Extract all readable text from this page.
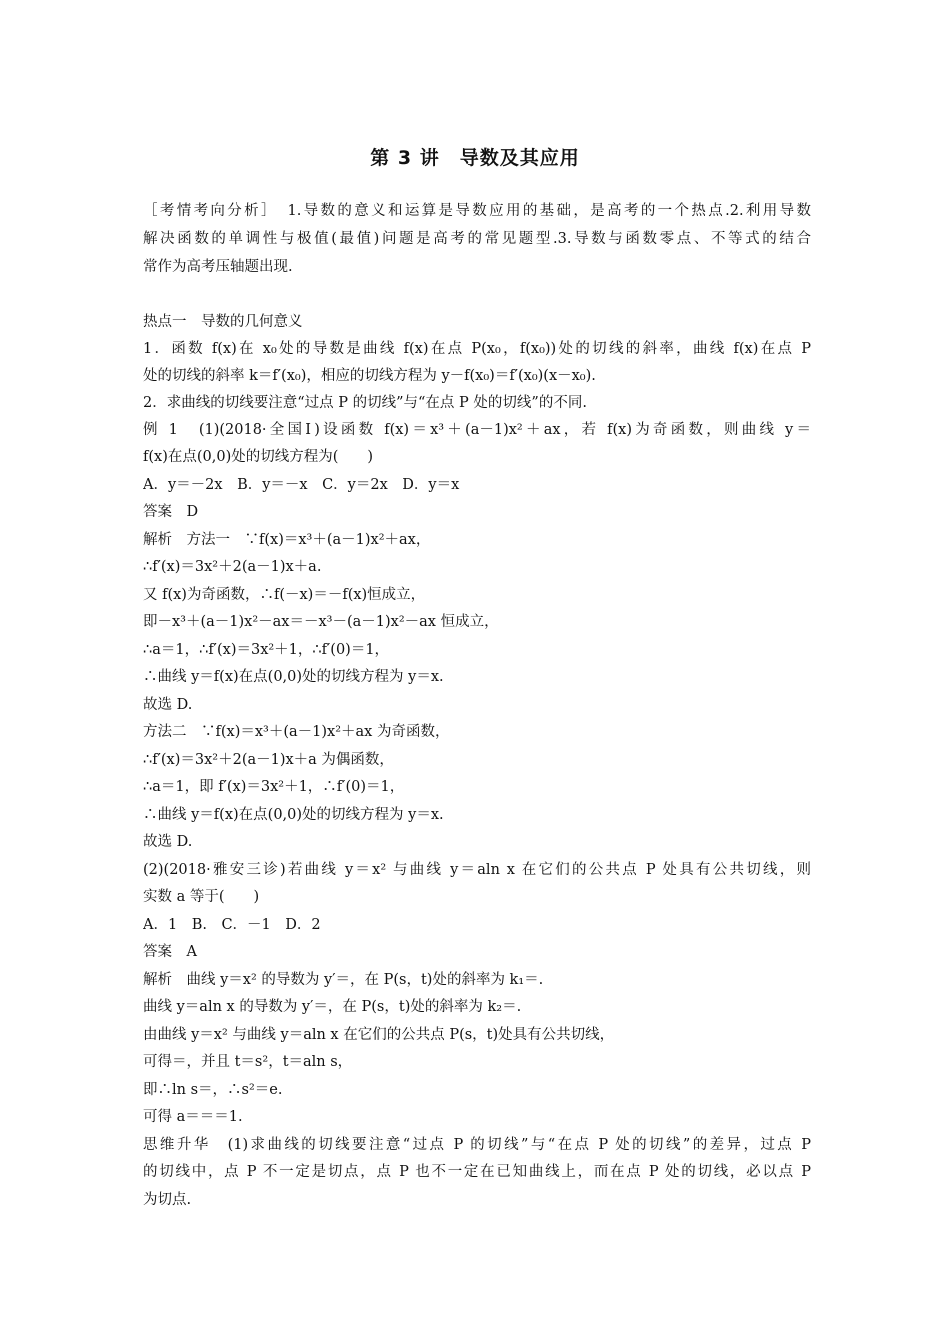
第 3 讲　导数及其应用
［考情考向分析］　1.导数的意义和运算是导数应用的基础，是高考的一个热点.2.利用导数
解决函数的单调性与极值(最值)问题是高考的常见题型.3.导数与函数零点、不等式的结合
常作为高考压轴题出现.
热点一　导数的几何意义
1．函数 f(x)在 x₀处的导数是曲线 f(x)在点 P(x₀，f(x₀))处的切线的斜率，曲线 f(x)在点 P
处的切线的斜率 k＝f′(x₀)，相应的切线方程为 y－f(x₀)＝f′(x₀)(x－x₀).
2．求曲线的切线要注意“过点 P 的切线”与“在点 P 处的切线”的不同.
例 1　(1)(2018·全国Ⅰ)设函数 f(x)＝x³＋(a－1)x²＋ax，若 f(x)为奇函数，则曲线 y＝
f(x)在点(0,0)处的切线方程为(　　)
A．y＝－2x　B．y＝－x　C．y＝2x　D．y＝x
答案　D
解析　方法一　∵f(x)＝x³＋(a－1)x²＋ax，
∴f′(x)＝3x²＋2(a－1)x＋a.
又 f(x)为奇函数，∴f(－x)＝－f(x)恒成立，
即－x³＋(a－1)x²－ax＝－x³－(a－1)x²－ax 恒成立，
∴a＝1，∴f′(x)＝3x²＋1，∴f′(0)＝1，
∴曲线 y＝f(x)在点(0,0)处的切线方程为 y＝x.
故选 D.
方法二　∵f(x)＝x³＋(a－1)x²＋ax 为奇函数，
∴f′(x)＝3x²＋2(a－1)x＋a 为偶函数，
∴a＝1，即 f′(x)＝3x²＋1，∴f′(0)＝1，
∴曲线 y＝f(x)在点(0,0)处的切线方程为 y＝x.
故选 D.
(2)(2018·雅安三诊)若曲线 y＝x² 与曲线 y＝aln x 在它们的公共点 P 处具有公共切线，则
实数 a 等于(　　)
A．1　B.　C．－1　D．2
答案　A
解析　曲线 y＝x² 的导数为 y′＝，在 P(s，t)处的斜率为 k₁＝.
曲线 y＝aln x 的导数为 y′＝，在 P(s，t)处的斜率为 k₂＝.
由曲线 y＝x² 与曲线 y＝aln x 在它们的公共点 P(s，t)处具有公共切线，
可得＝，并且 t＝s²，t＝aln s，
即∴ln s＝，∴s²＝e.
可得 a＝＝＝1.
思维升华　(1)求曲线的切线要注意“过点 P 的切线”与“在点 P 处的切线”的差异，过点 P
的切线中，点 P 不一定是切点，点 P 也不一定在已知曲线上，而在点 P 处的切线，必以点 P
为切点.
